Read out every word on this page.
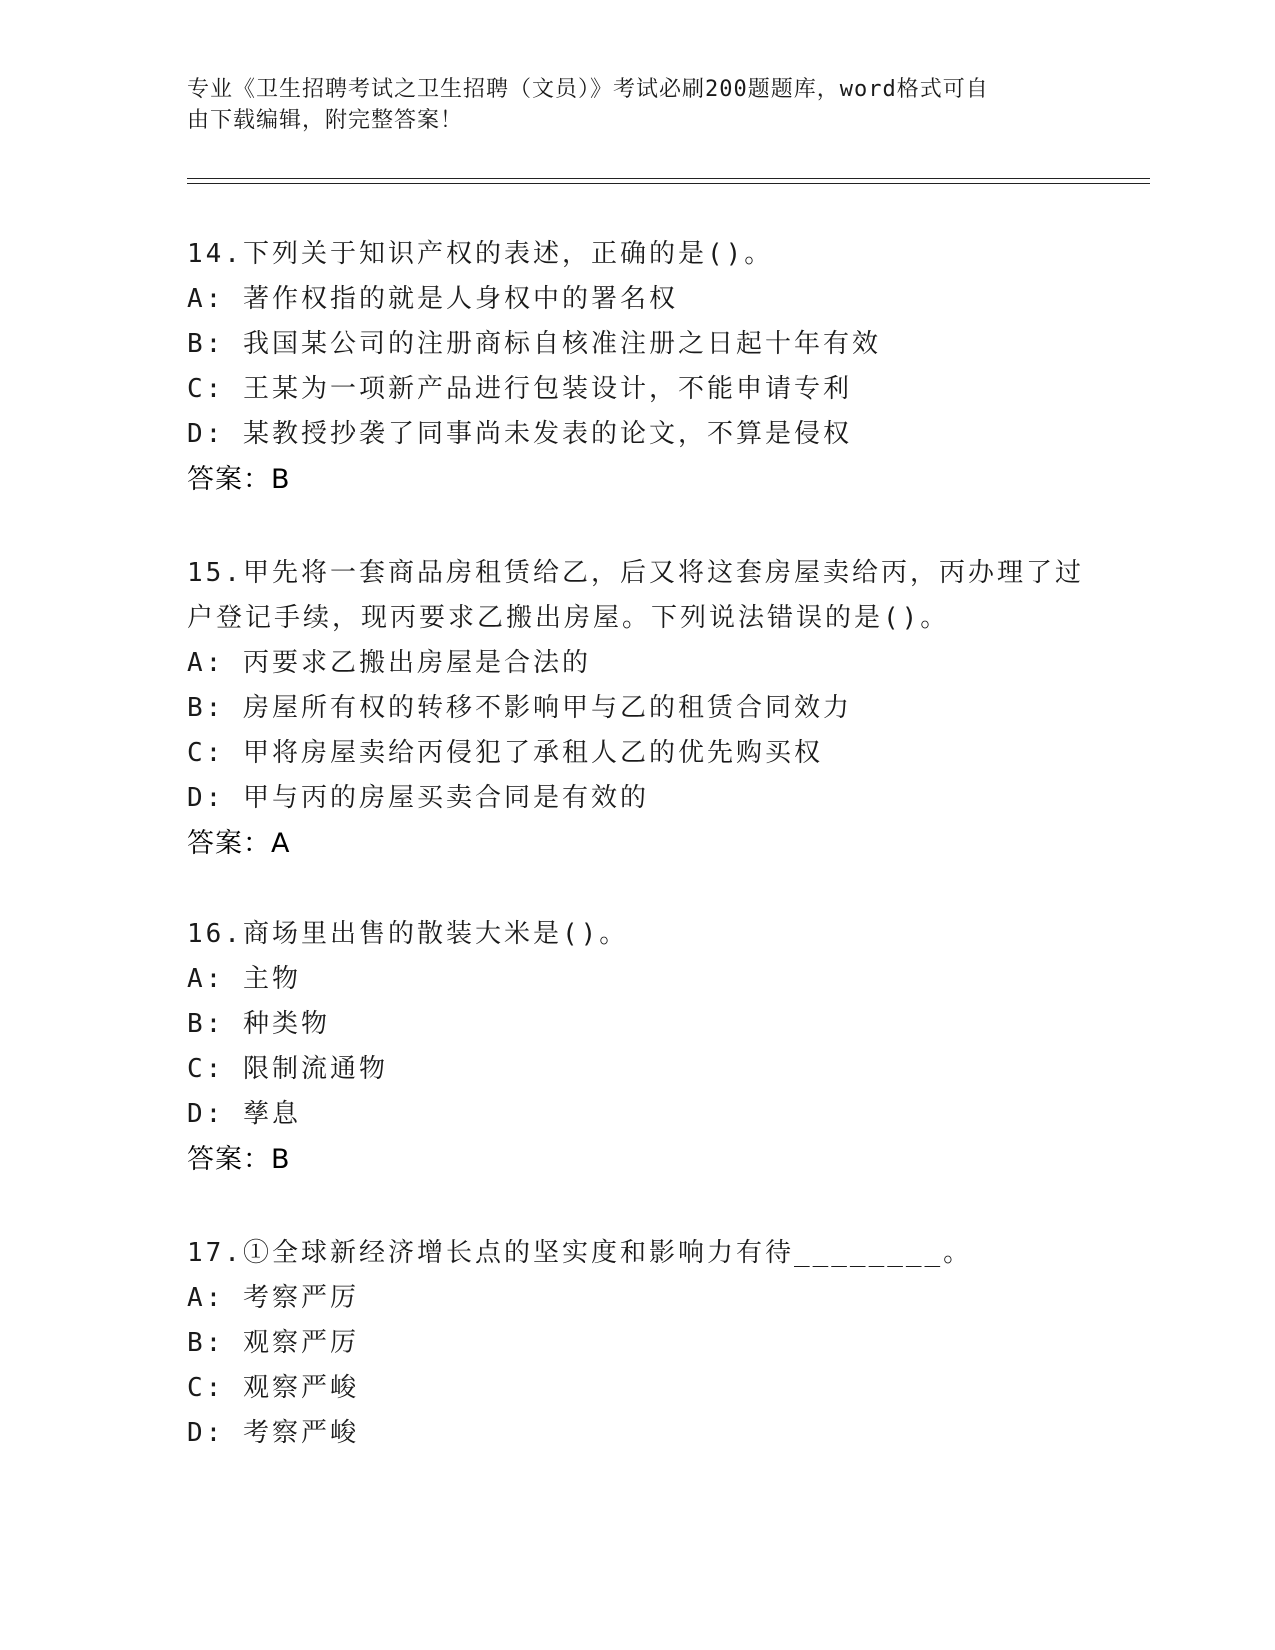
专业《卫生招聘考试之卫生招聘（文员）》考试必刷200题题库，word格式可自
由下载编辑，附完整答案！
14.下列关于知识产权的表述，正确的是()。
A: 著作权指的就是人身权中的署名权
B: 我国某公司的注册商标自核准注册之日起十年有效
C: 王某为一项新产品进行包装设计，不能申请专利
D: 某教授抄袭了同事尚未发表的论文，不算是侵权
答案：B
15.甲先将一套商品房租赁给乙，后又将这套房屋卖给丙，丙办理了过
户登记手续，现丙要求乙搬出房屋。下列说法错误的是()。
A: 丙要求乙搬出房屋是合法的
B: 房屋所有权的转移不影响甲与乙的租赁合同效力
C: 甲将房屋卖给丙侵犯了承租人乙的优先购买权
D: 甲与丙的房屋买卖合同是有效的
答案：A
16.商场里出售的散装大米是()。
A: 主物
B: 种类物
C: 限制流通物
D: 孳息
答案：B
17.①全球新经济增长点的坚实度和影响力有待________。
A: 考察严厉
B: 观察严厉
C: 观察严峻
D: 考察严峻
